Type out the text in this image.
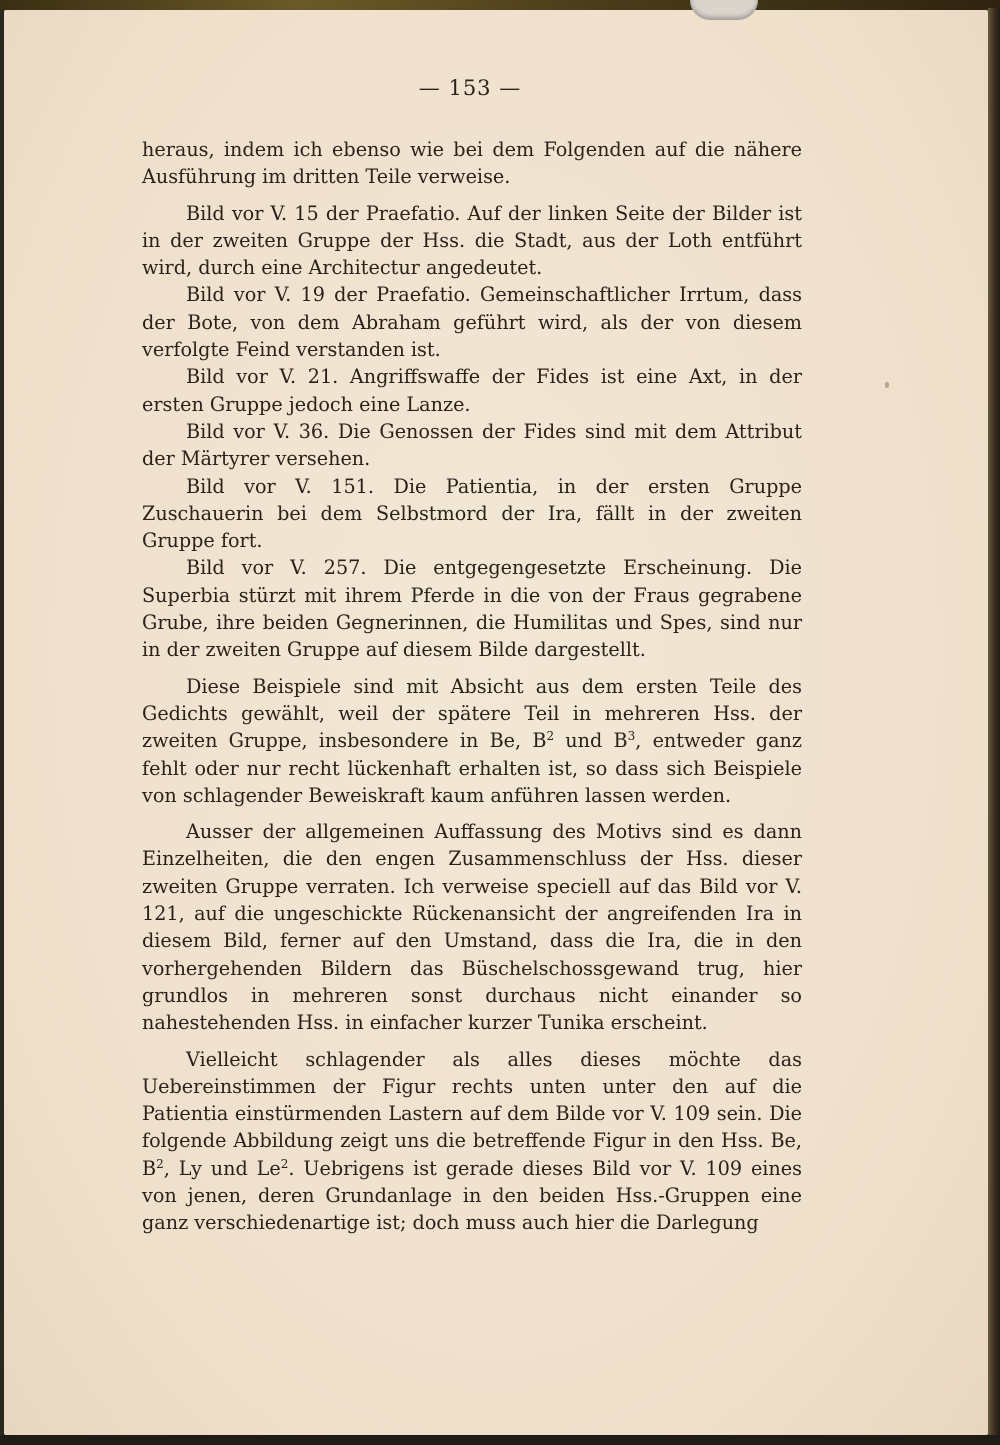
— 153 —

heraus, indem ich ebenso wie bei dem Folgenden auf die nähere Ausführung im dritten Teile verweise.

Bild vor V. 15 der Praefatio. Auf der linken Seite der Bilder ist in der zweiten Gruppe der Hss. die Stadt, aus der Loth entführt wird, durch eine Architectur angedeutet.

Bild vor V. 19 der Praefatio. Gemeinschaftlicher Irrtum, dass der Bote, von dem Abraham geführt wird, als der von diesem verfolgte Feind verstanden ist.

Bild vor V. 21. Angriffswaffe der Fides ist eine Axt, in der ersten Gruppe jedoch eine Lanze.

Bild vor V. 36. Die Genossen der Fides sind mit dem Attribut der Märtyrer versehen.

Bild vor V. 151. Die Patientia, in der ersten Gruppe Zuschauerin bei dem Selbstmord der Ira, fällt in der zweiten Gruppe fort.

Bild vor V. 257. Die entgegengesetzte Erscheinung. Die Superbia stürzt mit ihrem Pferde in die von der Fraus gegrabene Grube, ihre beiden Gegnerinnen, die Humilitas und Spes, sind nur in der zweiten Gruppe auf diesem Bilde dargestellt.

Diese Beispiele sind mit Absicht aus dem ersten Teile des Gedichts gewählt, weil der spätere Teil in mehreren Hss. der zweiten Gruppe, insbesondere in Be, $B^2$ und $B^3$, entweder ganz fehlt oder nur recht lückenhaft erhalten ist, so dass sich Beispiele von schlagender Beweiskraft kaum anführen lassen werden.

Ausser der allgemeinen Auffassung des Motivs sind es dann Einzelheiten, die den engen Zusammenschluss der Hss. dieser zweiten Gruppe verraten. Ich verweise speciell auf das Bild vor V. 121, auf die ungeschickte Rückenansicht der angreifenden Ira in diesem Bild, ferner auf den Umstand, dass die Ira, die in den vorhergehenden Bildern das Büschelschossgewand trug, hier grundlos in mehreren sonst durchaus nicht einander so nahestehenden Hss. in einfacher kurzer Tunika erscheint.

Vielleicht schlagender als alles dieses möchte das Uebereinstimmen der Figur rechts unten unter den auf die Patientia einstürmenden Lastern auf dem Bilde vor V. 109 sein. Die folgende Abbildung zeigt uns die betreffende Figur in den Hss. Be, $B^2$, Ly und Le$^2$. Uebrigens ist gerade dieses Bild vor V. 109 eines von jenen, deren Grundanlage in den beiden Hss.-Gruppen eine ganz verschiedenartige ist; doch muss auch hier die Darlegung
